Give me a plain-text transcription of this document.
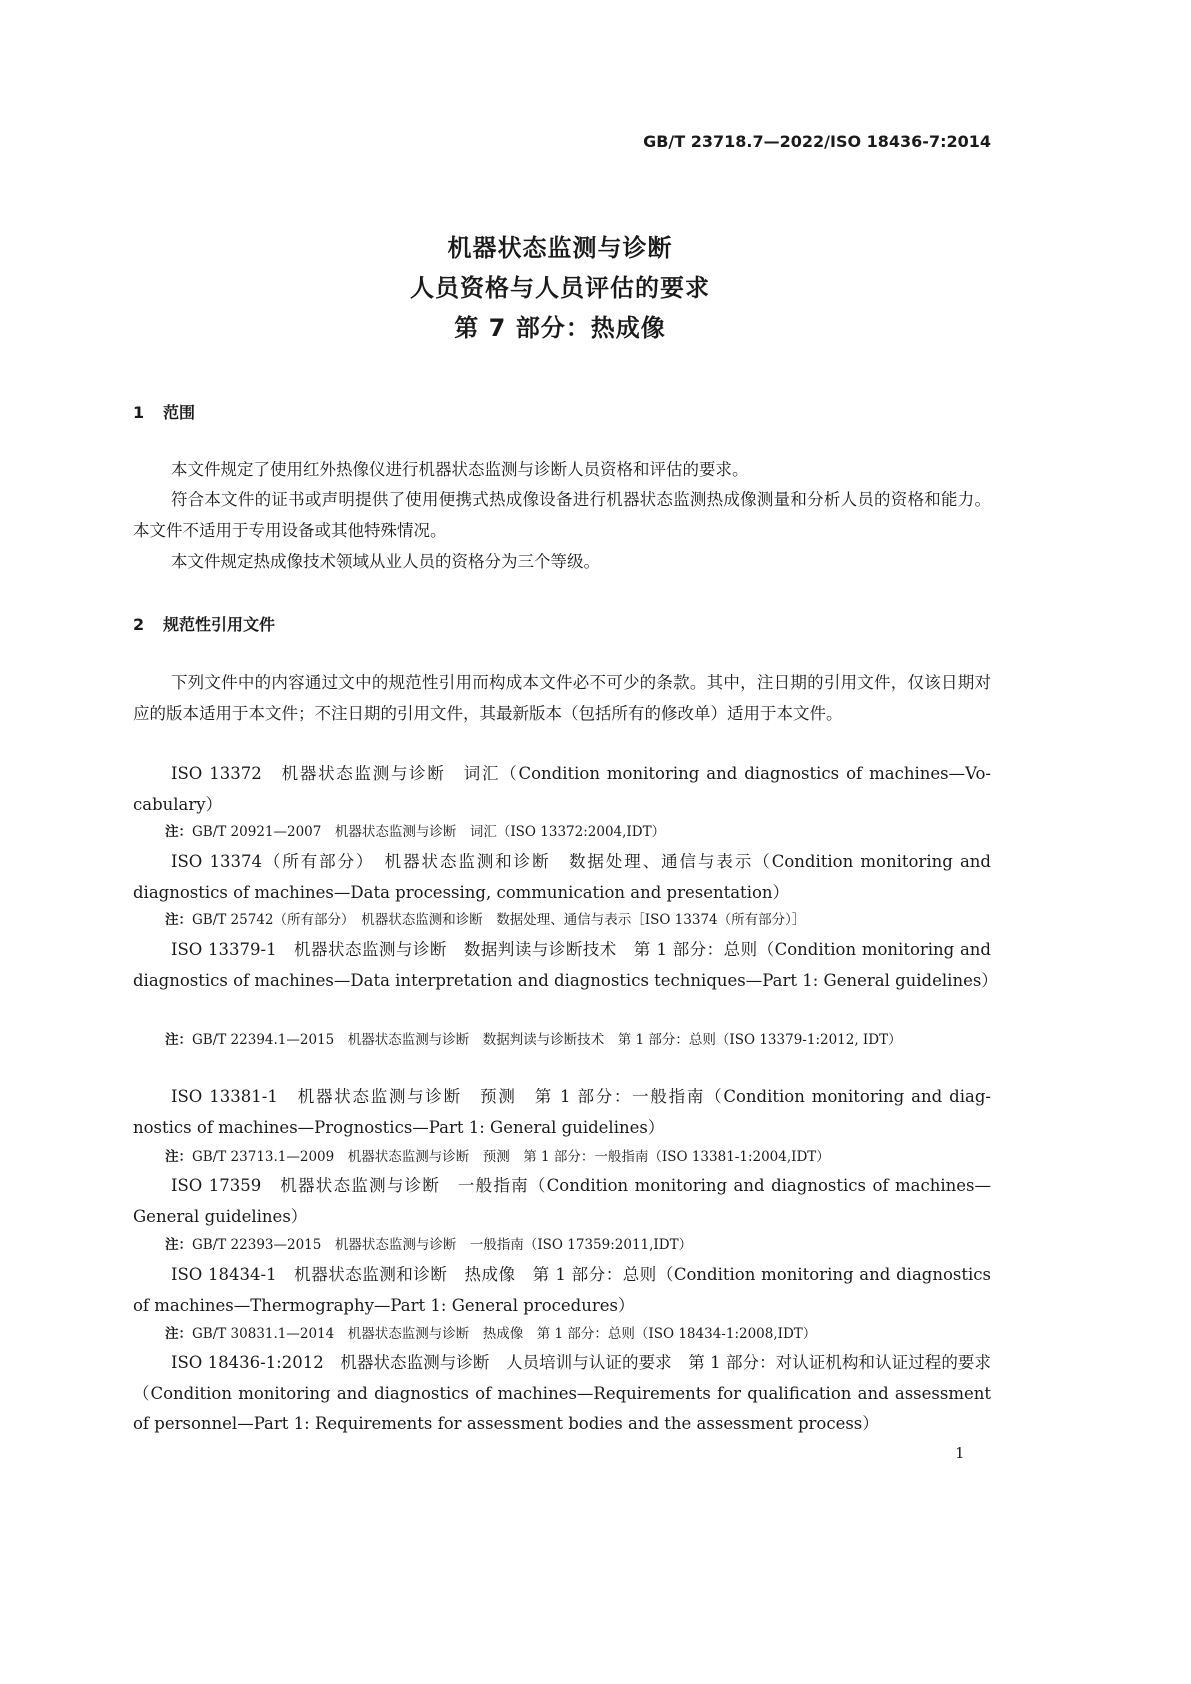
GB/T 23718.7—2022/ISO 18436-7:2014
机器状态监测与诊断
人员资格与人员评估的要求
第 7 部分：热成像
1 范围
本文件规定了使用红外热像仪进行机器状态监测与诊断人员资格和评估的要求。
符合本文件的证书或声明提供了使用便携式热成像设备进行机器状态监测热成像测量和分析人员的资格和能力。本文件不适用于专用设备或其他特殊情况。
本文件规定热成像技术领域从业人员的资格分为三个等级。
2 规范性引用文件
下列文件中的内容通过文中的规范性引用而构成本文件必不可少的条款。其中，注日期的引用文件，仅该日期对应的版本适用于本文件；不注日期的引用文件，其最新版本（包括所有的修改单）适用于本文件。
ISO 13372　机器状态监测与诊断　词汇（Condition monitoring and diagnostics of machines—Vocabulary）
注：GB/T 20921—2007　机器状态监测与诊断　词汇（ISO 13372:2004,IDT）
ISO 13374（所有部分）　机器状态监测和诊断　数据处理、通信与表示（Condition monitoring and diagnostics of machines—Data processing, communication and presentation）
注：GB/T 25742（所有部分）　机器状态监测和诊断　数据处理、通信与表示［ISO 13374（所有部分）］
ISO 13379-1　机器状态监测与诊断　数据判读与诊断技术　第 1 部分：总则（Condition monitoring and diagnostics of machines—Data interpretation and diagnostics techniques—Part 1: General guidelines）
注：GB/T 22394.1—2015　机器状态监测与诊断　数据判读与诊断技术　第 1 部分：总则（ISO 13379-1:2012, IDT）
ISO 13381-1　机器状态监测与诊断　预测　第 1 部分：一般指南（Condition monitoring and diagnostics of machines—Prognostics—Part 1: General guidelines）
注：GB/T 23713.1—2009　机器状态监测与诊断　预测　第 1 部分：一般指南（ISO 13381-1:2004,IDT）
ISO 17359　机器状态监测与诊断　一般指南（Condition monitoring and diagnostics of machines—General guidelines）
注：GB/T 22393—2015　机器状态监测与诊断　一般指南（ISO 17359:2011,IDT）
ISO 18434-1　机器状态监测和诊断　热成像　第 1 部分：总则（Condition monitoring and diagnostics of machines—Thermography—Part 1: General procedures）
注：GB/T 30831.1—2014　机器状态监测与诊断　热成像　第 1 部分：总则（ISO 18434-1:2008,IDT）
ISO 18436-1:2012　机器状态监测与诊断　人员培训与认证的要求　第 1 部分：对认证机构和认证过程的要求（Condition monitoring and diagnostics of machines—Requirements for qualification and assessment of personnel—Part 1: Requirements for assessment bodies and the assessment process）
1
